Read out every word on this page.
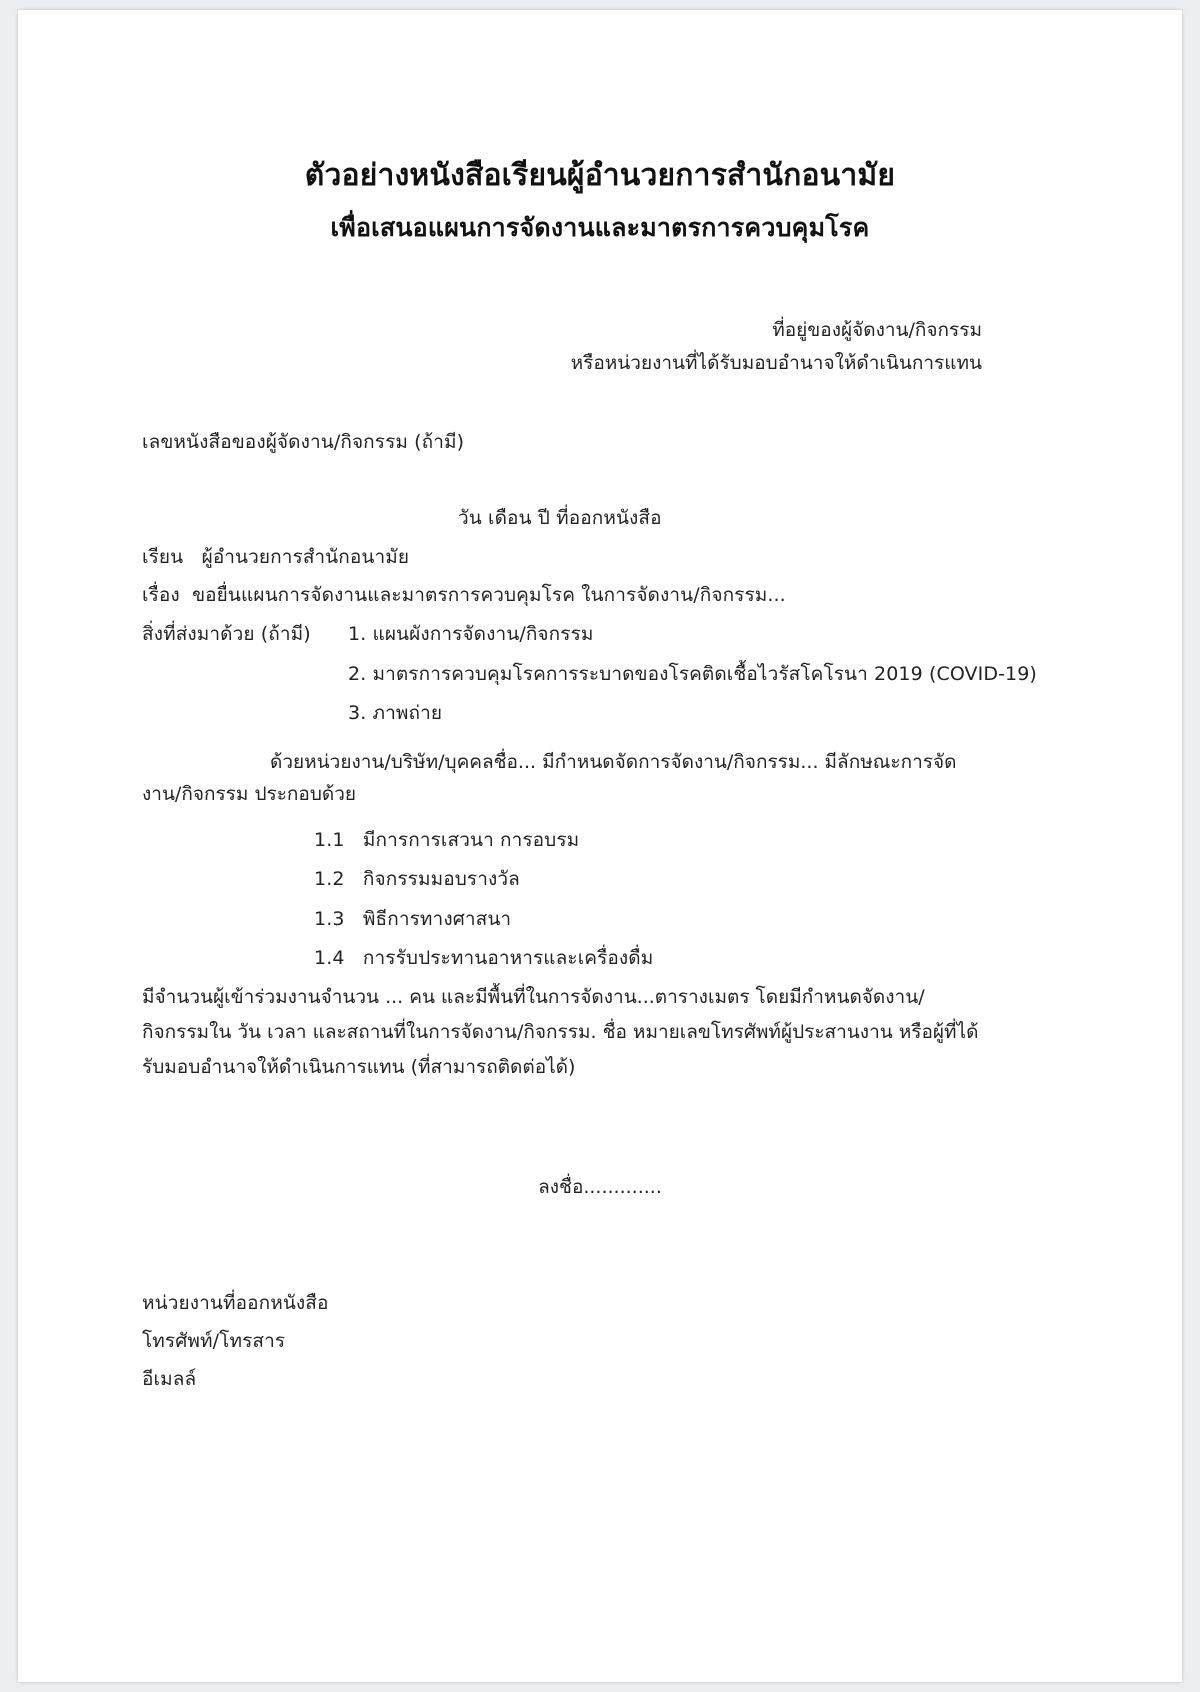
ตัวอย่างหนังสือเรียนผู้อำนวยการสำนักอนามัย
เพื่อเสนอแผนการจัดงานและมาตรการควบคุมโรค
ที่อยู่ของผู้จัดงาน/กิจกรรม
หรือหน่วยงานที่ได้รับมอบอำนาจให้ดำเนินการแทน
เลขหนังสือของผู้จัดงาน/กิจกรรม (ถ้ามี)
วัน เดือน ปี ที่ออกหนังสือ
เรียน   ผู้อำนวยการสำนักอนามัย
เรื่อง  ขอยื่นแผนการจัดงานและมาตรการควบคุมโรค ในการจัดงาน/กิจกรรม...
สิ่งที่ส่งมาด้วย (ถ้ามี) 1. แผนผังการจัดงาน/กิจกรรม
2. มาตรการควบคุมโรคการระบาดของโรคติดเชื้อไวรัสโคโรนา 2019 (COVID-19)
3. ภาพถ่าย
ด้วยหน่วยงาน/บริษัท/บุคคลชื่อ... มีกำหนดจัดการจัดงาน/กิจกรรม... มีลักษณะการจัดงาน/กิจกรรม ประกอบด้วย
1.1   มีการการเสวนา การอบรม
1.2   กิจกรรมมอบรางวัล
1.3   พิธีการทางศาสนา
1.4   การรับประทานอาหารและเครื่องดื่ม
มีจำนวนผู้เข้าร่วมงานจำนวน ... คน และมีพื้นที่ในการจัดงาน...ตารางเมตร โดยมีกำหนดจัดงาน/กิจกรรมใน วัน เวลา และสถานที่ในการจัดงาน/กิจกรรม. ชื่อ หมายเลขโทรศัพท์ผู้ประสานงาน หรือผู้ที่ได้รับมอบอำนาจให้ดำเนินการแทน (ที่สามารถติดต่อได้)
ลงชื่อ.............
หน่วยงานที่ออกหนังสือ
โทรศัพท์/โทรสาร
อีเมลล์
